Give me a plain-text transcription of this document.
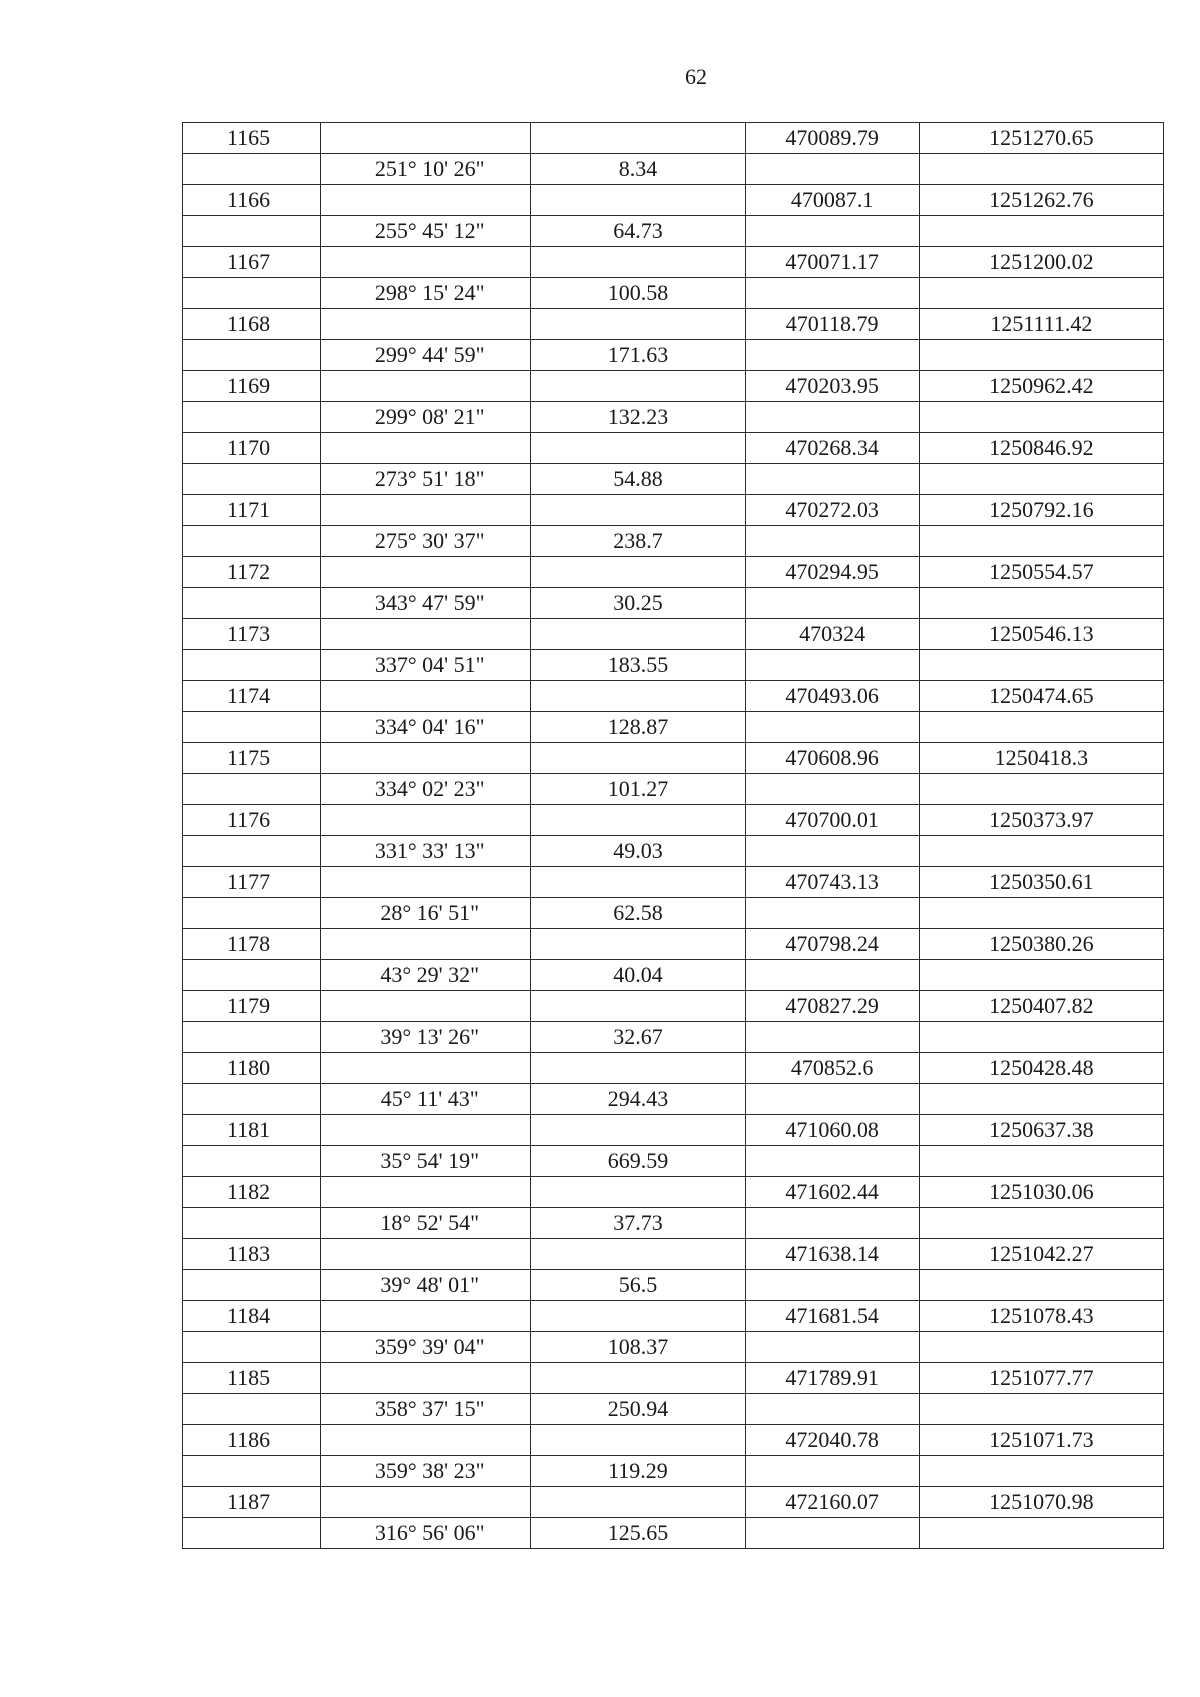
62
1165			470089.79	1251270.65
	251° 10' 26"	8.34		
1166			470087.1	1251262.76
	255° 45' 12"	64.73		
1167			470071.17	1251200.02
	298° 15' 24"	100.58		
1168			470118.79	1251111.42
	299° 44' 59"	171.63		
1169			470203.95	1250962.42
	299° 08' 21"	132.23		
1170			470268.34	1250846.92
	273° 51' 18"	54.88		
1171			470272.03	1250792.16
	275° 30' 37"	238.7		
1172			470294.95	1250554.57
	343° 47' 59"	30.25		
1173			470324	1250546.13
	337° 04' 51"	183.55		
1174			470493.06	1250474.65
	334° 04' 16"	128.87		
1175			470608.96	1250418.3
	334° 02' 23"	101.27		
1176			470700.01	1250373.97
	331° 33' 13"	49.03		
1177			470743.13	1250350.61
	28° 16' 51"	62.58		
1178			470798.24	1250380.26
	43° 29' 32"	40.04		
1179			470827.29	1250407.82
	39° 13' 26"	32.67		
1180			470852.6	1250428.48
	45° 11' 43"	294.43		
1181			471060.08	1250637.38
	35° 54' 19"	669.59		
1182			471602.44	1251030.06
	18° 52' 54"	37.73		
1183			471638.14	1251042.27
	39° 48' 01"	56.5		
1184			471681.54	1251078.43
	359° 39' 04"	108.37		
1185			471789.91	1251077.77
	358° 37' 15"	250.94		
1186			472040.78	1251071.73
	359° 38' 23"	119.29		
1187			472160.07	1251070.98
	316° 56' 06"	125.65		
